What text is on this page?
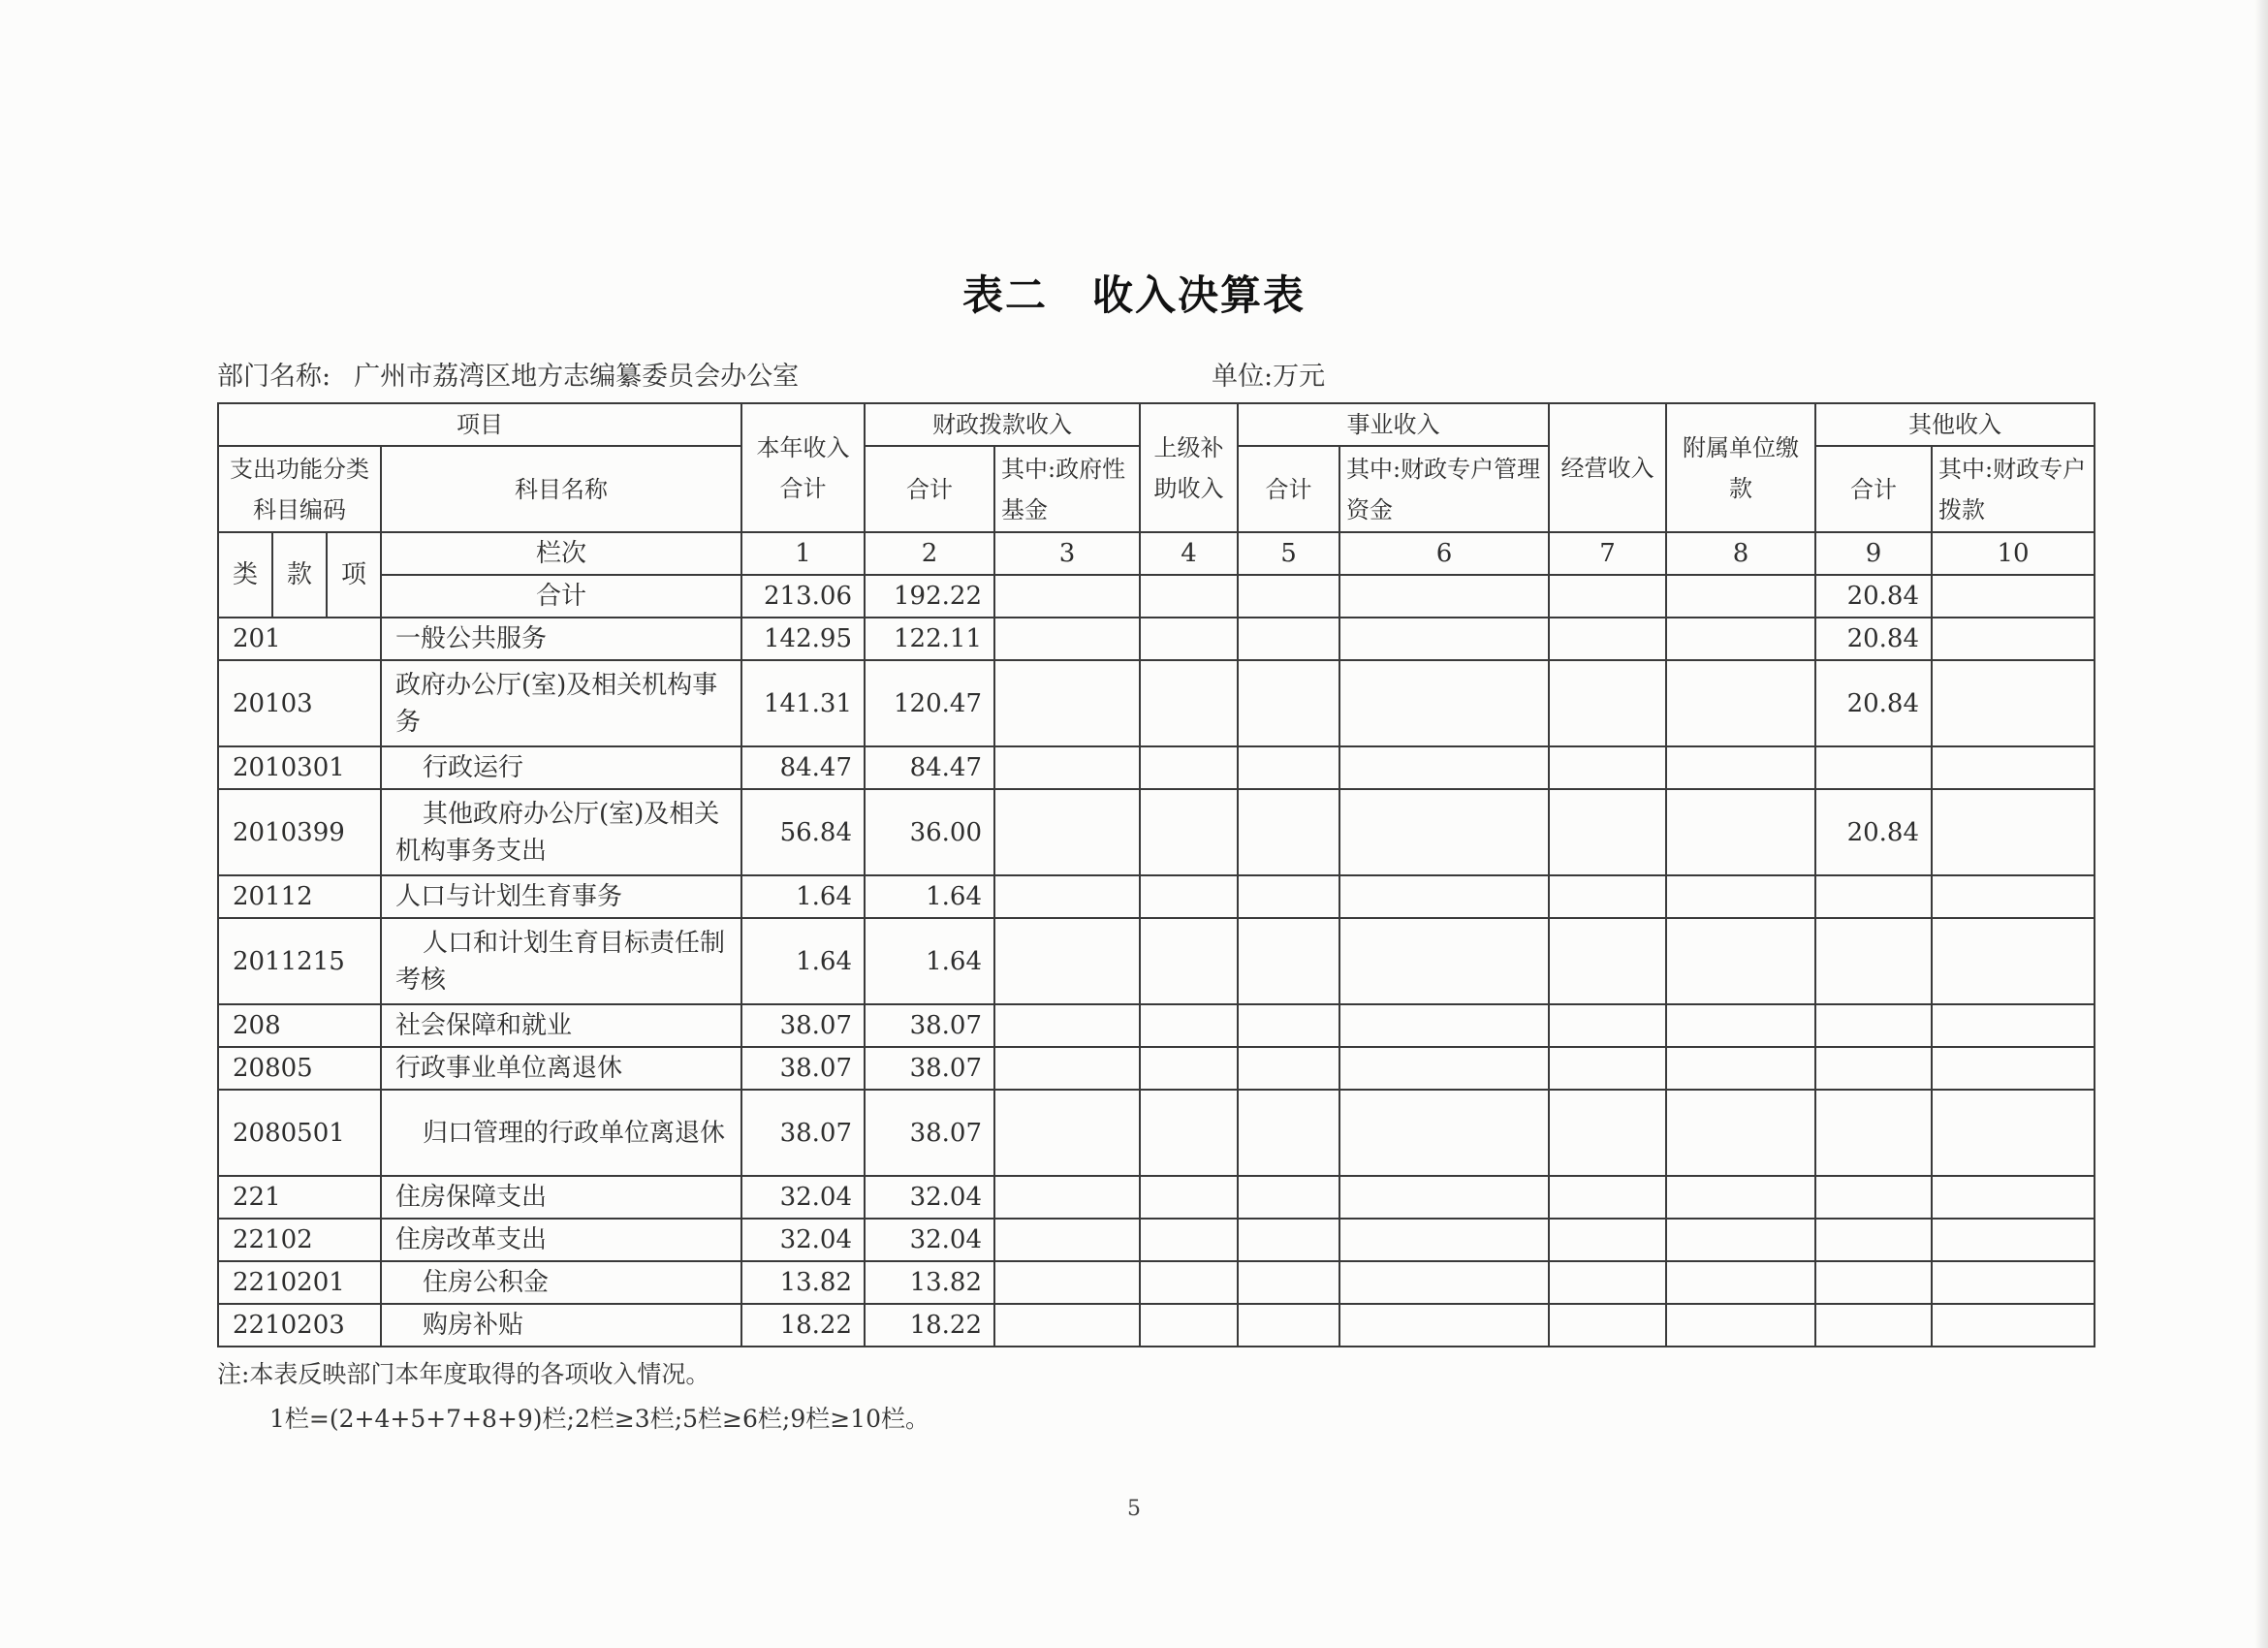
表二 收入决算表
部门名称: 广州市荔湾区地方志编纂委员会办公室	单位:万元
项目				本年收入合计	财政拨款收入		上级补助收入	事业收入		经营收入	附属单位缴款	其他收入	
支出功能分类科目编码			科目名称		合计	其中:政府性基金		合计	其中:财政专户管理资金			合计	其中:财政专户拨款
类	款	项	栏次	1	2	3	4	5	6	7	8	9	10
			合计	213.06	192.22							20.84	
201			一般公共服务	142.95	122.11							20.84	
20103			政府办公厅(室)及相关机构事务	141.31	120.47							20.84	
2010301			行政运行	84.47	84.47								
2010399			其他政府办公厅(室)及相关机构事务支出	56.84	36.00							20.84	
20112			人口与计划生育事务	1.64	1.64								
2011215			人口和计划生育目标责任制考核	1.64	1.64								
208			社会保障和就业	38.07	38.07								
20805			行政事业单位离退休	38.07	38.07								
2080501			归口管理的行政单位离退休	38.07	38.07								
221			住房保障支出	32.04	32.04								
22102			住房改革支出	32.04	32.04								
2210201			住房公积金	13.82	13.82								
2210203			购房补贴	18.22	18.22								
注:本表反映部门本年度取得的各项收入情况。
1栏=(2+4+5+7+8+9)栏;2栏≥3栏;5栏≥6栏;9栏≥10栏。
5
